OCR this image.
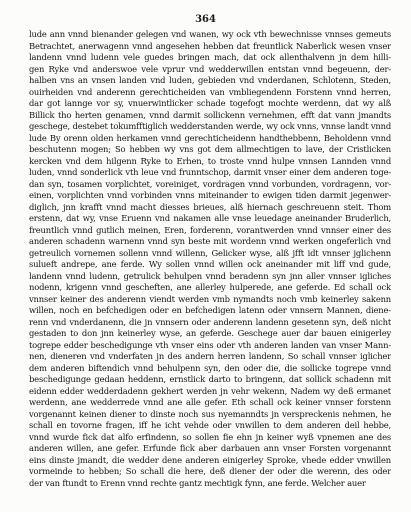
364
lude ann vnnd bienander gelegen vnd wanen, wy ock vth bewechnisse vnnses gemeuts
Betrachtet, anerwagenn vnnd angesehen hebben dat freuntlick Naberlick wesen vnser
landenn vnnd ludenn vele guedes bringen mach, dat ock allenthalvenn jn dem hilli-
gen Ryke vnd anderswoe vele vprur vnd wedderwillen entstan vnnd begeuenn, der-
halben vns an vnsen landen vnd luden, gebieden vnd vnderdanen, Schlotenn, Steden,
ouirheiden vnd anderenn gerechticheiden van vmbliegendenn Forstenn vnnd herren,
dar got lannge vor sy, vnuerwintlicker schade togefogt mochte werdenn, dat wy alß
Billick tho herten genamen, vnnd darmit sollickenn vernehmen, efft dat vann jmandts
geschege, destebet tokumfftiglich wedderstanden werde, wy ock vnns, vnnse landt vnnd
lude By orenn olden herkamen vnnd gerechticheidenn handthebbenn, Beholdenn vnnd
beschutenn mogen; So hebben wy vns got dem allmechtigen to lave, der Cristlicken
kercken vnd dem hilgenn Ryke to Erhen, to troste vnnd hulpe vnnsen Lannden vnnd
luden, vnnd sonderlick vth leue vnd frunntschop, darmit vnser einer dem anderen toge-
dan syn, tosamen vorplichtet, voreiniget, vordragen vnnd vorbunden, vordragenn, vor-
einen, vorplichten vnnd vorbinden vnns miteinander to ewigen tiden darmit jegenwer-
diglich, jnn krafft vnnd macht diesses brieues, alß hiernach geschreuenn steit. Thom
erstenn, dat wy, vnse Eruenn vnd nakamen alle vnse leuedage aneinander Bruderlich,
freuntlich vnnd gutlich meinen, Eren, forderenn, vorantwerden vnnd vnnser einer des
anderen schadenn warnenn vnnd syn beste mit wordenn vnnd werken ongeferlich vnd
getreulich vornemen sollenn vnnd willenn, Gelicker wyse, alß jfft idt vnnser jglichenn
sulueft andrepe, ane ferde. Wy sollen vnnd willen ock aneinander mit liff vnd gude,
landenn vnnd ludenn, getrulick behulpen vnnd beradenn syn jnn aller vnnser igliches
nodenn, krigenn vnnd gescheften, ane allerley hulperede, ane geferde. Ed schall ock
vnnser keiner des anderenn viendt werden vmb nymandts noch vmb keinerley sakenn
willen, noch en befchedigen oder en befchedigen latenn oder vnnsern Mannen, diene-
renn vnd vnderdanenn, die jn vnnsern oder anderenn landenn gesetenn syn, deß nicht
gestaden to don jnn keinerley wyse, an geferde. Geschege auer dar bauen einigerley
togrepe edder beschedigunge vth vnser eins oder vth anderen landen van vnser Mann-
nen, dieneren vnd vnderfaten jn des andern herren landenn, So schall vnnser iglicher
dem anderen biftendich vnnd behulpenn syn, den oder die, die sollicke togrepe vnnd
beschedigunge gedaan heddenn, ernstlick darto to bringenn, dat sollick schadenn mit
eidenn edder wedderdadenn gekhert werden jn vehr wekenn, Nadem wy deß ermanet
werdenn, ane wedderrede vnnd ane alle gefer. Eth schall ock keiner vnnser forstenn
vorgenannt keinen diener to dinste noch sus nyemanndts jn verspreckenis nehmen, he
schall en tovorne fragen, iff he icht vehde oder vnwillen to dem anderen deil hebbe,
vnnd wurde fick dat alfo erfindenn, so sollen fie ehn jn keiner wyß vpnemen ane des
anderen willen, ane gefer. Erfunde fick aber darbauen ann vnser Forsten vorgenannt
eins dinste jmandt, die wedder dene anderen einigerley Sproke, vhede edder vnwillen
vormeinde to hebben; So schall die here, deß diener der oder die werenn, des oder
der van ftundt to Erenn vnnd rechte gantz mechtigk fynn, ane ferde. Welcher auer
